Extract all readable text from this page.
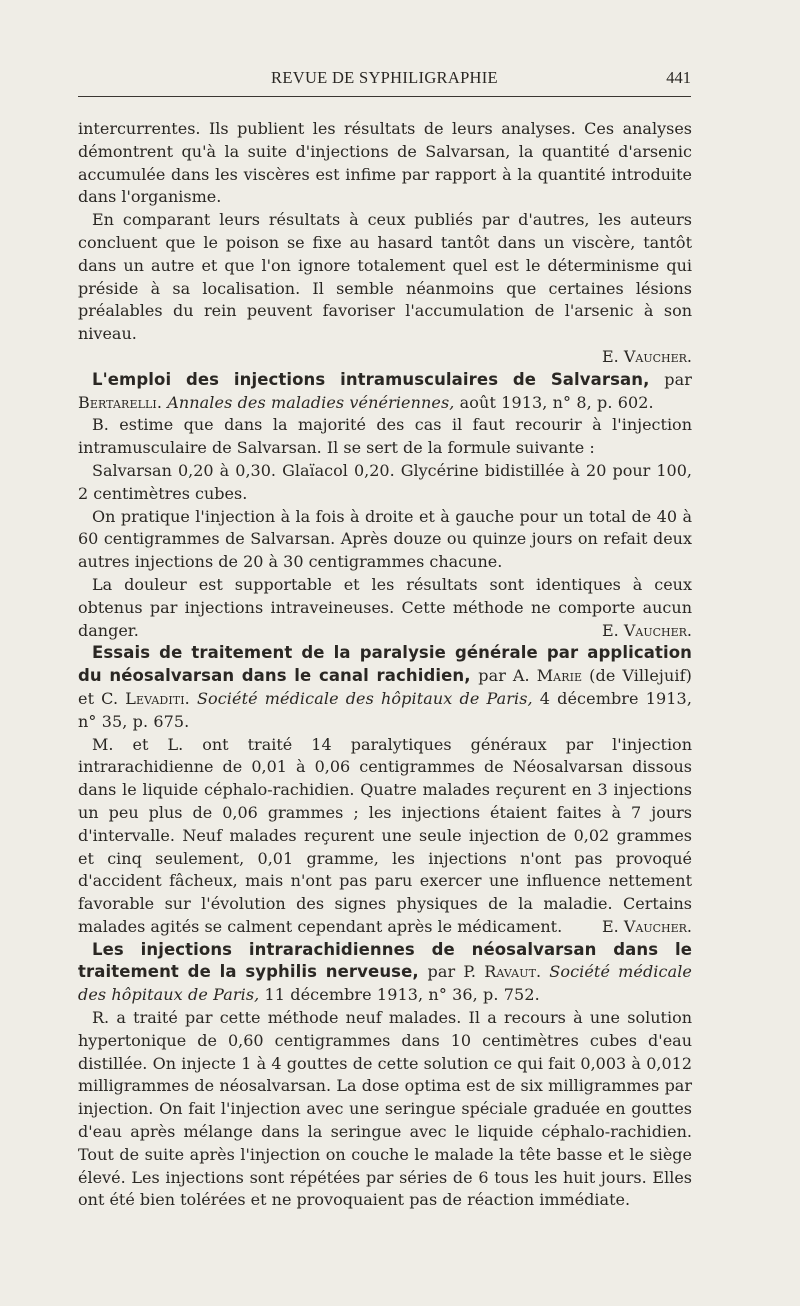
REVUE DE SYPHILIGRAPHIE	441

intercurrentes. Ils publient les résultats de leurs analyses. Ces analyses démontrent qu'à la suite d'injections de Salvarsan, la quantité d'arsenic accumulée dans les viscères est infime par rapport à la quantité introduite dans l'organisme.

En comparant leurs résultats à ceux publiés par d'autres, les auteurs concluent que le poison se fixe au hasard tantôt dans un viscère, tantôt dans un autre et que l'on ignore totalement quel est le déterminisme qui préside à sa localisation. Il semble néanmoins que certaines lésions préalables du rein peuvent favoriser l'accumulation de l'arsenic à son niveau.

E. Vaucher.

L'emploi des injections intramusculaires de Salvarsan, par Bertarelli. Annales des maladies vénériennes, août 1913, n° 8, p. 602.

B. estime que dans la majorité des cas il faut recourir à l'injection intramusculaire de Salvarsan. Il se sert de la formule suivante :

Salvarsan 0,20 à 0,30. Glaïacol 0,20. Glycérine bidistillée à 20 pour 100, 2 centimètres cubes.

On pratique l'injection à la fois à droite et à gauche pour un total de 40 à 60 centigrammes de Salvarsan. Après douze ou quinze jours on refait deux autres injections de 20 à 30 centigrammes chacune.

La douleur est supportable et les résultats sont identiques à ceux obtenus par injections intraveineuses. Cette méthode ne comporte aucun danger.	E. Vaucher.

Essais de traitement de la paralysie générale par application du néosalvarsan dans le canal rachidien, par A. Marie (de Villejuif) et C. Levaditi. Société médicale des hôpitaux de Paris, 4 décembre 1913, n° 35, p. 675.

M. et L. ont traité 14 paralytiques généraux par l'injection intrarachidienne de 0,01 à 0,06 centigrammes de Néosalvarsan dissous dans le liquide céphalo-rachidien. Quatre malades reçurent en 3 injections un peu plus de 0,06 grammes ; les injections étaient faites à 7 jours d'intervalle. Neuf malades reçurent une seule injection de 0,02 grammes et cinq seulement, 0,01 gramme, les injections n'ont pas provoqué d'accident fâcheux, mais n'ont pas paru exercer une influence nettement favorable sur l'évolution des signes physiques de la maladie. Certains malades agités se calment cependant après le médicament.	E. Vaucher.

Les injections intrarachidiennes de néosalvarsan dans le traitement de la syphilis nerveuse, par P. Ravaut. Société médicale des hôpitaux de Paris, 11 décembre 1913, n° 36, p. 752.

R. a traité par cette méthode neuf malades. Il a recours à une solution hypertonique de 0,60 centigrammes dans 10 centimètres cubes d'eau distillée. On injecte 1 à 4 gouttes de cette solution ce qui fait 0,003 à 0,012 milligrammes de néosalvarsan. La dose optima est de six milligrammes par injection. On fait l'injection avec une seringue spéciale graduée en gouttes d'eau après mélange dans la seringue avec le liquide céphalo-rachidien. Tout de suite après l'injection on couche le malade la tête basse et le siège élevé. Les injections sont répétées par séries de 6 tous les huit jours. Elles ont été bien tolérées et ne provoquaient pas de réaction immédiate.
